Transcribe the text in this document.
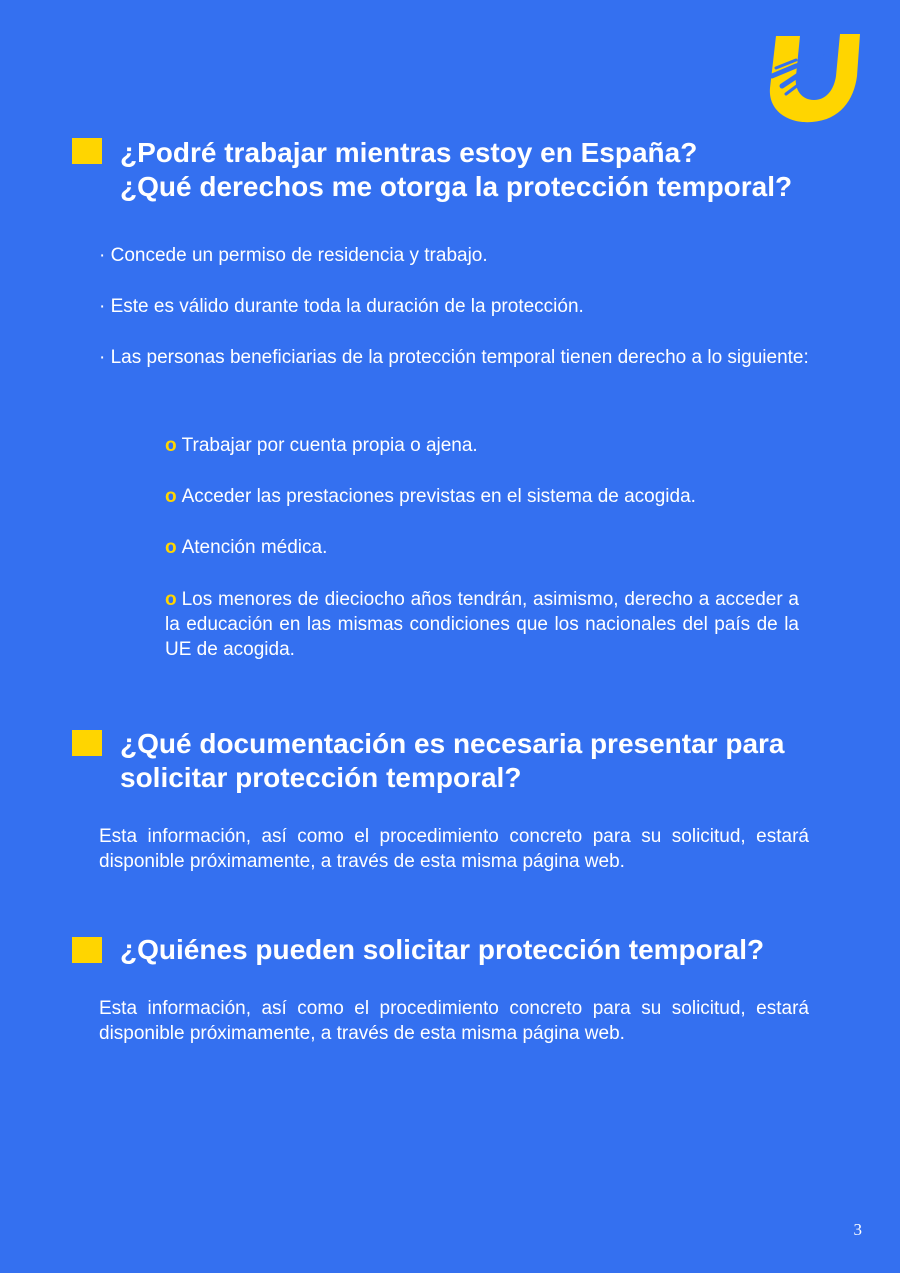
¿Podré trabajar mientras estoy en España?
¿Qué derechos me otorga la protección temporal?

· Concede un permiso de residencia y trabajo.

· Este es válido durante toda la duración de la protección.

· Las personas beneficiarias de la protección temporal tienen derecho a lo siguiente:

o Trabajar por cuenta propia o ajena.

o Acceder las prestaciones previstas en el sistema de acogida.

o Atención médica.

o Los menores de dieciocho años tendrán, asimismo, derecho a acceder a la educación en las mismas condiciones que los nacionales del país de la UE de acogida.

¿Qué documentación es necesaria presentar para
solicitar protección temporal?

Esta información, así como el procedimiento concreto para su solicitud, estará disponible próximamente, a través de esta misma página web.

¿Quiénes pueden solicitar protección temporal?

Esta información, así como el procedimiento concreto para su solicitud, estará disponible próximamente, a través de esta misma página web.

3
